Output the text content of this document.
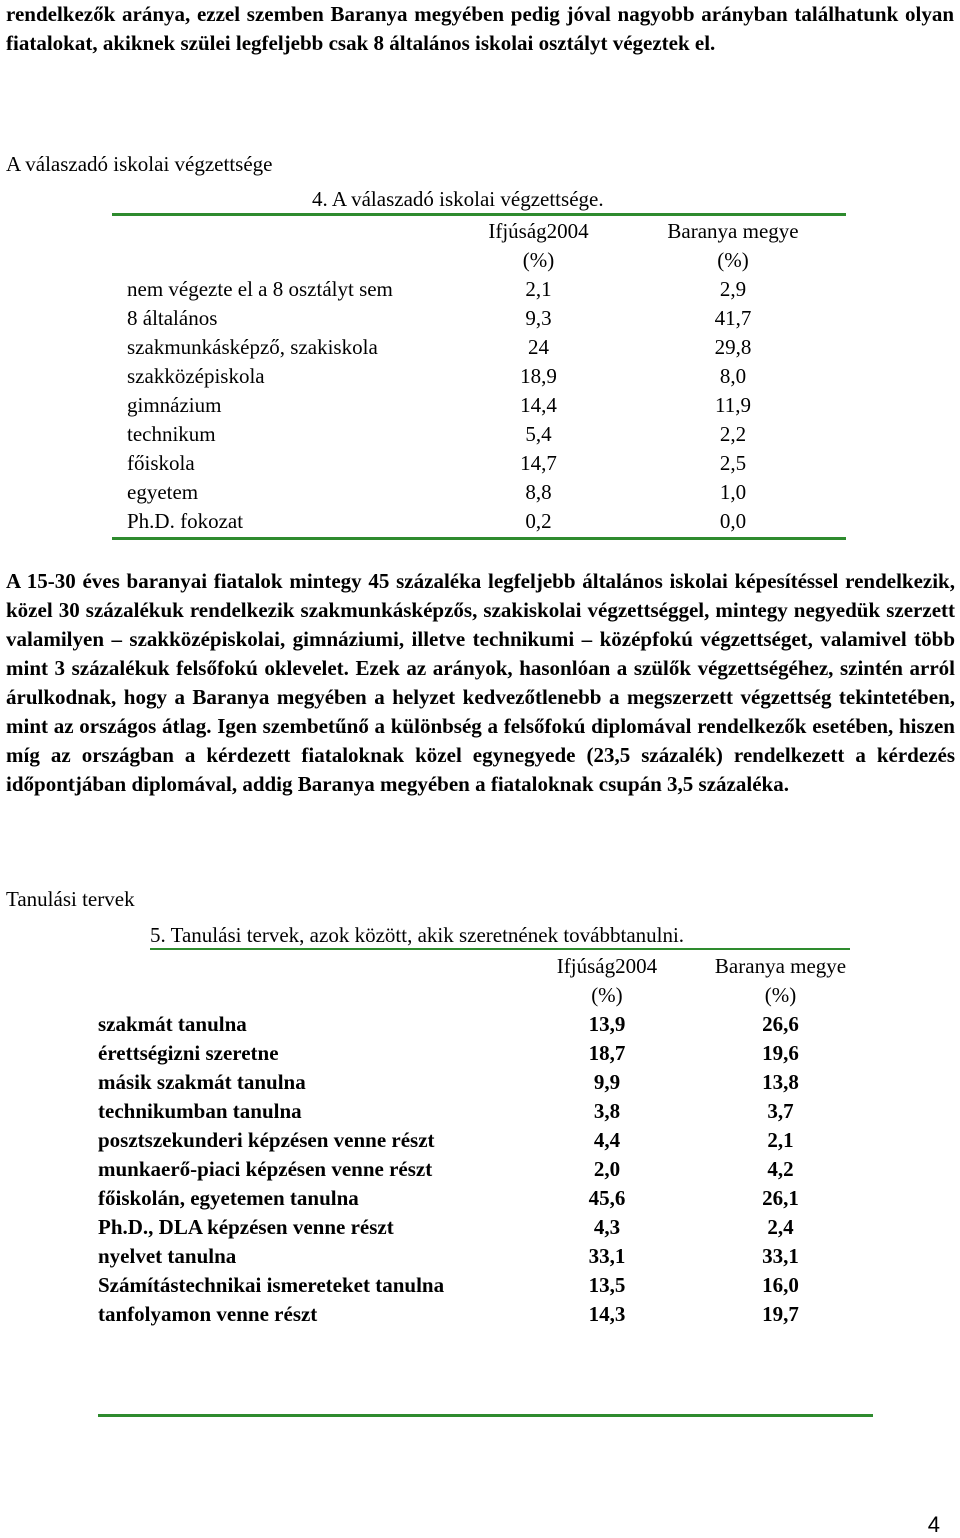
rendelkezők aránya, ezzel szemben Baranya megyében pedig jóval nagyobb arányban találhatunk olyan fiatalokat, akiknek szülei legfeljebb csak 8 általános iskolai osztályt végeztek el.
A válaszadó iskolai végzettsége
4. A válaszadó iskolai végzettsége.
	Ifjúság2004	Baranya megye
	(%)	(%)
nem végezte el a 8 osztályt sem	2,1	2,9
8 általános	9,3	41,7
szakmunkásképző, szakiskola	24	29,8
szakközépiskola	18,9	8,0
gimnázium	14,4	11,9
technikum	5,4	2,2
főiskola	14,7	2,5
egyetem	8,8	1,0
Ph.D. fokozat	0,2	0,0
A 15-30 éves baranyai fiatalok mintegy 45 százaléka legfeljebb általános iskolai képesítéssel rendelkezik, közel 30 százalékuk rendelkezik szakmunkásképzős, szakiskolai végzettséggel, mintegy negyedük szerzett valamilyen – szakközépiskolai, gimnáziumi, illetve technikumi – középfokú végzettséget, valamivel több mint 3 százalékuk felsőfokú oklevelet. Ezek az arányok, hasonlóan a szülők végzettségéhez, szintén arról árulkodnak, hogy a Baranya megyében a helyzet kedvezőtlenebb a megszerzett végzettség tekintetében, mint az országos átlag. Igen szembetűnő a különbség a felsőfokú diplomával rendelkezők esetében, hiszen míg az országban a kérdezett fiataloknak közel egynegyede (23,5 százalék) rendelkezett a kérdezés időpontjában diplomával, addig Baranya megyében a fiataloknak csupán 3,5 százaléka.
Tanulási tervek
5. Tanulási tervek, azok között, akik szeretnének továbbtanulni.
	Ifjúság2004	Baranya megye
	(%)	(%)
szakmát tanulna	13,9	26,6
érettségizni szeretne	18,7	19,6
másik szakmát tanulna	9,9	13,8
technikumban tanulna	3,8	3,7
posztszekunderi képzésen venne részt	4,4	2,1
munkaerő-piaci képzésen venne részt	2,0	4,2
főiskolán, egyetemen tanulna	45,6	26,1
Ph.D., DLA képzésen venne részt	4,3	2,4
nyelvet tanulna	33,1	33,1
Számítástechnikai ismereteket tanulna	13,5	16,0
tanfolyamon venne részt	14,3	19,7
4
